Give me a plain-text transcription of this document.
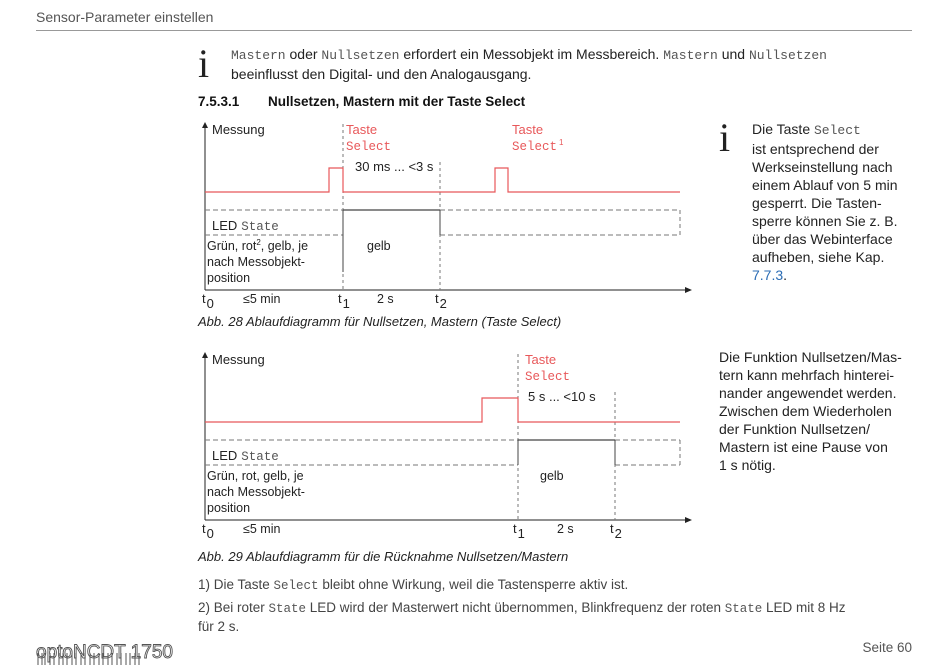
Sensor-Parameter einstellen
i Mastern oder Nullsetzen erfordert ein Messobjekt im Messbereich. Mastern und Nullsetzen
beeinflusst den Digital- und den Analogausgang.
7.5.3.1 Nullsetzen, Mastern mit der Taste Select
Messung	Taste
Select
Taste
Select $^1$
30 ms ... <3 s
LED State
Grün, rot$^2$, gelb, je
nach Messobjekt-
position
gelb
t0 ≤5 min	t1 2 s	t2
Abb. 28 Ablaufdiagramm für Nullsetzen, Mastern (Taste Select)
i Die Taste Select
ist entsprechend der
Werkseinstellung nach
einem Ablauf von 5 min
gesperrt. Die Tasten-
sperre können Sie z. B.
über das Webinterface
aufheben, siehe Kap.
7.7.3.
Messung	Taste
Select
5 s ... <10 s
LED State
Grün, rot, gelb, je
nach Messobjekt-
position
gelb
t0 ≤5 min	t1	2 s	t2
Abb. 29 Ablaufdiagramm für die Rücknahme Nullsetzen/Mastern
Die Funktion Nullsetzen/Mas-
tern kann mehrfach hinterei-
nander angewendet werden.
Zwischen dem Wiederholen
der Funktion Nullsetzen/
Mastern ist eine Pause von
1 s nötig.
1) Die Taste Select bleibt ohne Wirkung, weil die Tastensperre aktiv ist.
2) Bei roter State LED wird der Masterwert nicht übernommen, Blinkfrequenz der roten State LED mit 8 Hz
für 2 s.
optoNCDT 1750	Seite 60
